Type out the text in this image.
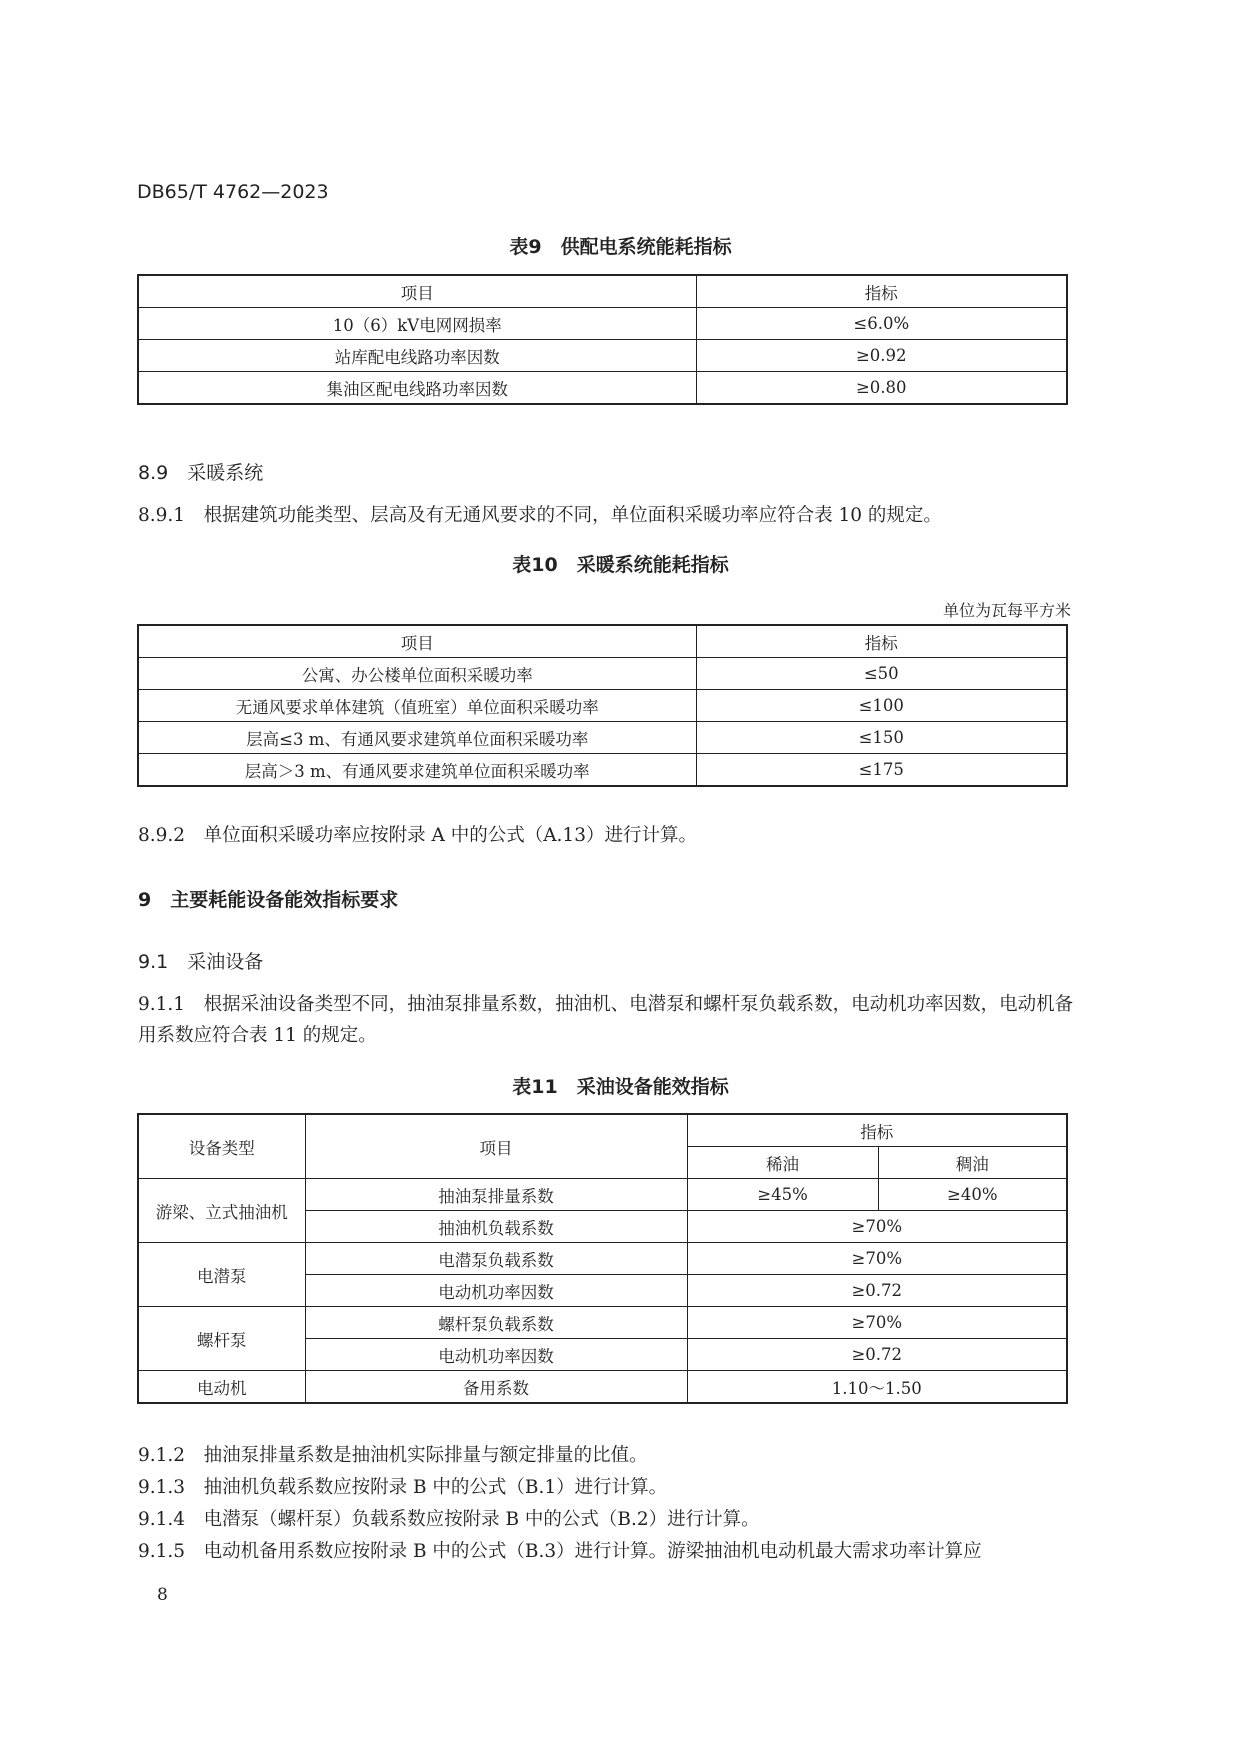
DB65/T 4762—2023
表9　供配电系统能耗指标
项目	指标
10（6）kV电网网损率	≤6.0%
站库配电线路功率因数	≥0.92
集油区配电线路功率因数	≥0.80
8.9　采暖系统
8.9.1　根据建筑功能类型、层高及有无通风要求的不同，单位面积采暖功率应符合表 10 的规定。
表10　采暖系统能耗指标
单位为瓦每平方米
项目	指标
公寓、办公楼单位面积采暖功率	≤50
无通风要求单体建筑（值班室）单位面积采暖功率	≤100
层高≤3 m、有通风要求建筑单位面积采暖功率	≤150
层高＞3 m、有通风要求建筑单位面积采暖功率	≤175
8.9.2　单位面积采暖功率应按附录 A 中的公式（A.13）进行计算。
9　主要耗能设备能效指标要求
9.1　采油设备
9.1.1　根据采油设备类型不同，抽油泵排量系数，抽油机、电潜泵和螺杆泵负载系数，电动机功率因数，电动机备用系数应符合表 11 的规定。
表11　采油设备能效指标
设备类型	项目	指标	
		稀油	稠油
游梁、立式抽油机	抽油泵排量系数	≥45%	≥40%
	抽油机负载系数	≥70%	
电潜泵	电潜泵负载系数	≥70%	
	电动机功率因数	≥0.72	
螺杆泵	螺杆泵负载系数	≥70%	
	电动机功率因数	≥0.72	
电动机	备用系数	1.10～1.50	
9.1.2　抽油泵排量系数是抽油机实际排量与额定排量的比值。
9.1.3　抽油机负载系数应按附录 B 中的公式（B.1）进行计算。
9.1.4　电潜泵（螺杆泵）负载系数应按附录 B 中的公式（B.2）进行计算。
9.1.5　电动机备用系数应按附录 B 中的公式（B.3）进行计算。游梁抽油机电动机最大需求功率计算应
8
